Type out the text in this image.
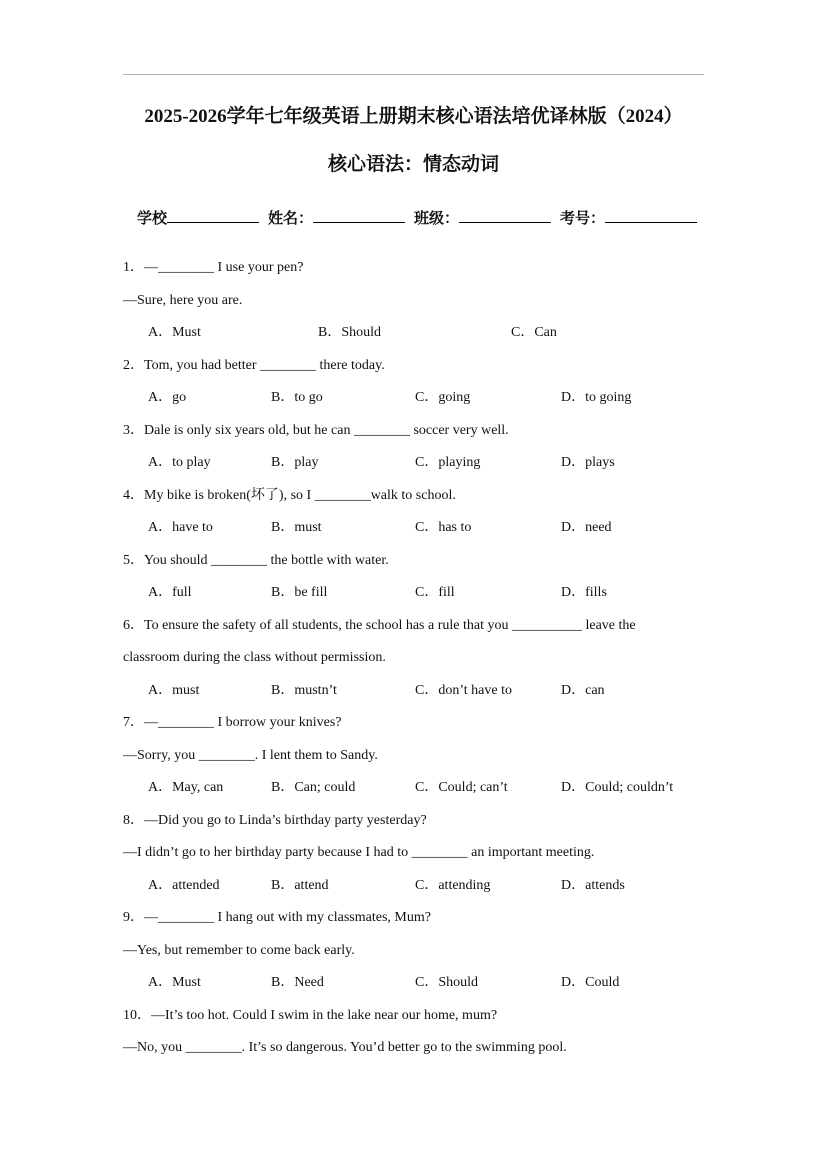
2025-2026学年七年级英语上册期末核心语法培优译林版（2024）
核心语法：情态动词
学校	姓名：	班级：	考号：

1．—________ I use your pen?

—Sure, here you are.

A．Must	B．Should	C．Can

2．Tom, you had better ________ there today.

A．go	B．to go	C．going	D．to going

3．Dale is only six years old, but he can ________ soccer very well.

A．to play	B．play	C．playing	D．plays

4．My bike is broken(坏了), so I ________walk to school.

A．have to	B．must	C．has to	D．need

5．You should ________ the bottle with water.

A．full	B．be fill	C．fill	D．fills

6．To ensure the safety of all students, the school has a rule that you __________ leave the

classroom during the class without permission.

A．must	B．mustn’t	C．don’t have to	D．can

7．—________ I borrow your knives?

—Sorry, you ________. I lent them to Sandy.

A．May, can	B．Can; could	C．Could; can’t	D．Could; couldn’t

8．—Did you go to Linda’s birthday party yesterday?

—I didn’t go to her birthday party because I had to ________ an important meeting.

A．attended	B．attend	C．attending	D．attends

9．—________ I hang out with my classmates, Mum?

—Yes, but remember to come back early.

A．Must	B．Need	C．Should	D．Could

10．—It’s too hot. Could I swim in the lake near our home, mum?

—No, you ________. It’s so dangerous. You’d better go to the swimming pool.
